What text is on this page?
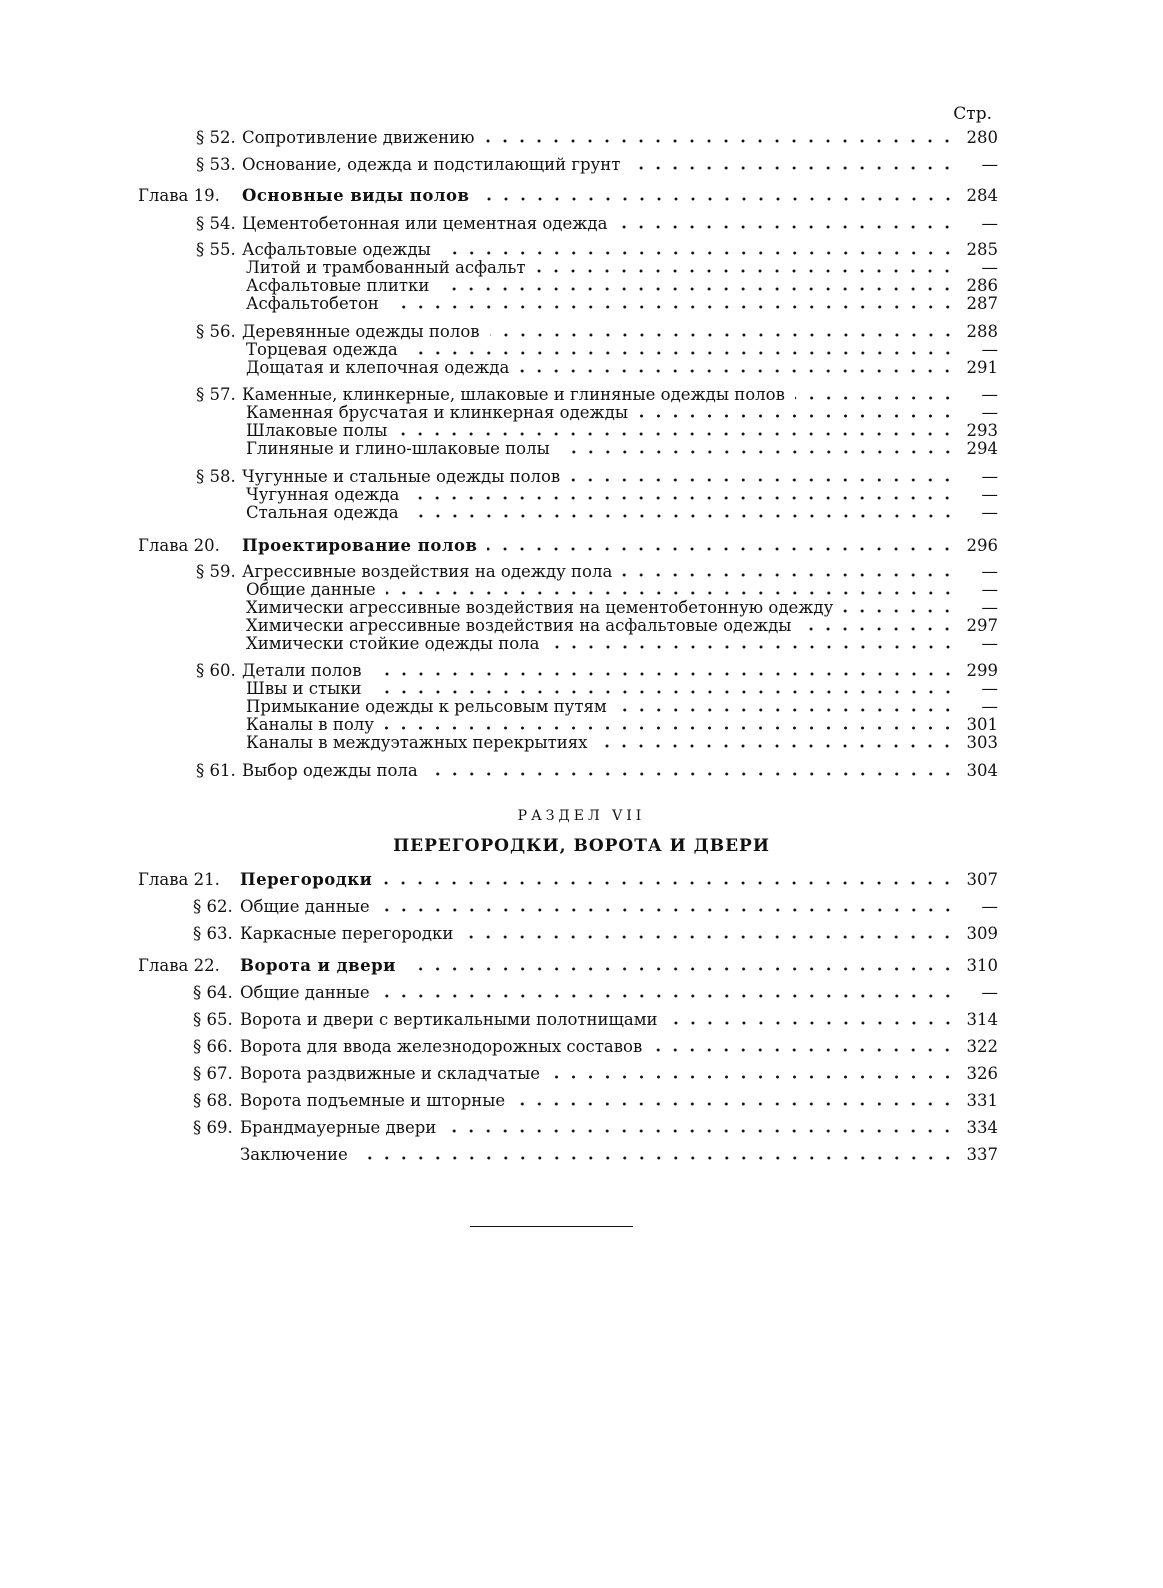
Стр.
§ 52. Сопротивление движению	280
§ 53. Основание, одежда и подстилающий грунт	—
Глава 19.	Основные виды полов	284
§ 54. Цементобетонная или цементная одежда	—
§ 55. Асфальтовые одежды	285
Литой и трамбованный асфальт	—
Асфальтовые плитки	286
Асфальтобетон	287
§ 56. Деревянные одежды полов	288
Торцевая одежда	—
Дощатая и клепочная одежда	291
§ 57. Каменные, клинкерные, шлаковые и глиняные одежды полов	—
Каменная брусчатая и клинкерная одежды	—
Шлаковые полы	293
Глиняные и глино-шлаковые полы	294
§ 58. Чугунные и стальные одежды полов	—
Чугунная одежда	—
Стальная одежда	—
Глава 20.	Проектирование полов	296
§ 59. Агрессивные воздействия на одежду пола	—
Общие данные	—
Химически агрессивные воздействия на цементобетонную одежду	—
Химически агрессивные воздействия на асфальтовые одежды	297
Химически стойкие одежды пола	—
§ 60. Детали полов	299
Швы и стыки	—
Примыкание одежды к рельсовым путям	—
Каналы в полу	301
Каналы в междуэтажных перекрытиях	303
§ 61. Выбор одежды пола	304
РАЗДЕЛ VII
ПЕРЕГОРОДКИ, ВОРОТА И ДВЕРИ
Глава 21.	Перегородки	307
§ 62. Общие данные	—
§ 63. Каркасные перегородки	309
Глава 22.	Ворота и двери	310
§ 64. Общие данные	—
§ 65. Ворота и двери с вертикальными полотнищами	314
§ 66. Ворота для ввода железнодорожных составов	322
§ 67. Ворота раздвижные и складчатые	326
§ 68. Ворота подъемные и шторные	331
§ 69. Брандмауерные двери	334
Заключение	337
